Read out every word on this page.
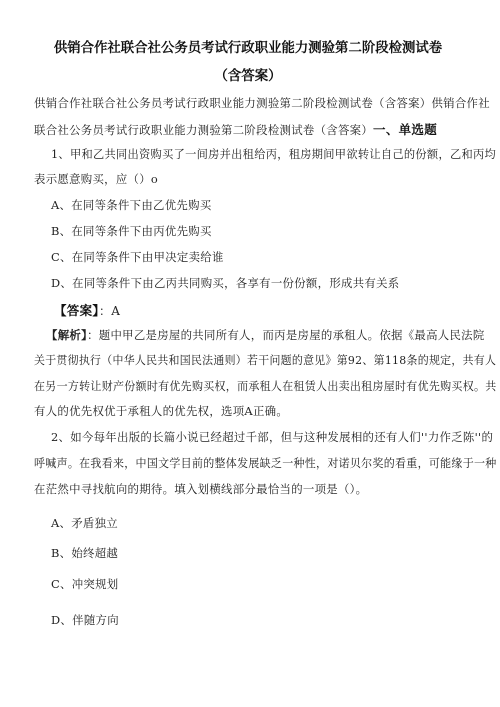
供销合作社联合社公务员考试行政职业能力测验第二阶段检测试卷
（含答案）
供销合作社联合社公务员考试行政职业能力测验第二阶段检测试卷（含答案）供销合作社
联合社公务员考试行政职业能力测验第二阶段检测试卷（含答案）一、单选题
1、甲和乙共同出资购买了一间房并出租给丙，租房期间甲欲转让自己的份额，乙和丙均
表示愿意购买，应（）o
A、在同等条件下由乙优先购买
B、在同等条件下由丙优先购买
C、在同等条件下由甲决定卖给谁
D、在同等条件下由乙丙共同购买，各享有一份份额，形成共有关系
【答案】：A
【解析】：题中甲乙是房屋的共同所有人，而丙是房屋的承租人。依据《最高人民法院
关于贯彻执行（中华人民共和国民法通则）若干问题的意见》第92、第118条的规定，共有人
在另一方转让财产份额时有优先购买权，而承租人在租赁人出卖出租房屋时有优先购买权。共
有人的优先权优于承租人的优先权，选项A正确。
2、如今每年出版的长篇小说已经超过千部，但与这种发展相的还有人们''力作乏陈''的
呼喊声。在我看来，中国文学目前的整体发展缺乏一种性，对诺贝尔奖的看重，可能缘于一种
在茫然中寻找航向的期待。填入划横线部分最恰当的一项是（）。
A、矛盾独立
B、始终超越
C、冲突规划
D、伴随方向
